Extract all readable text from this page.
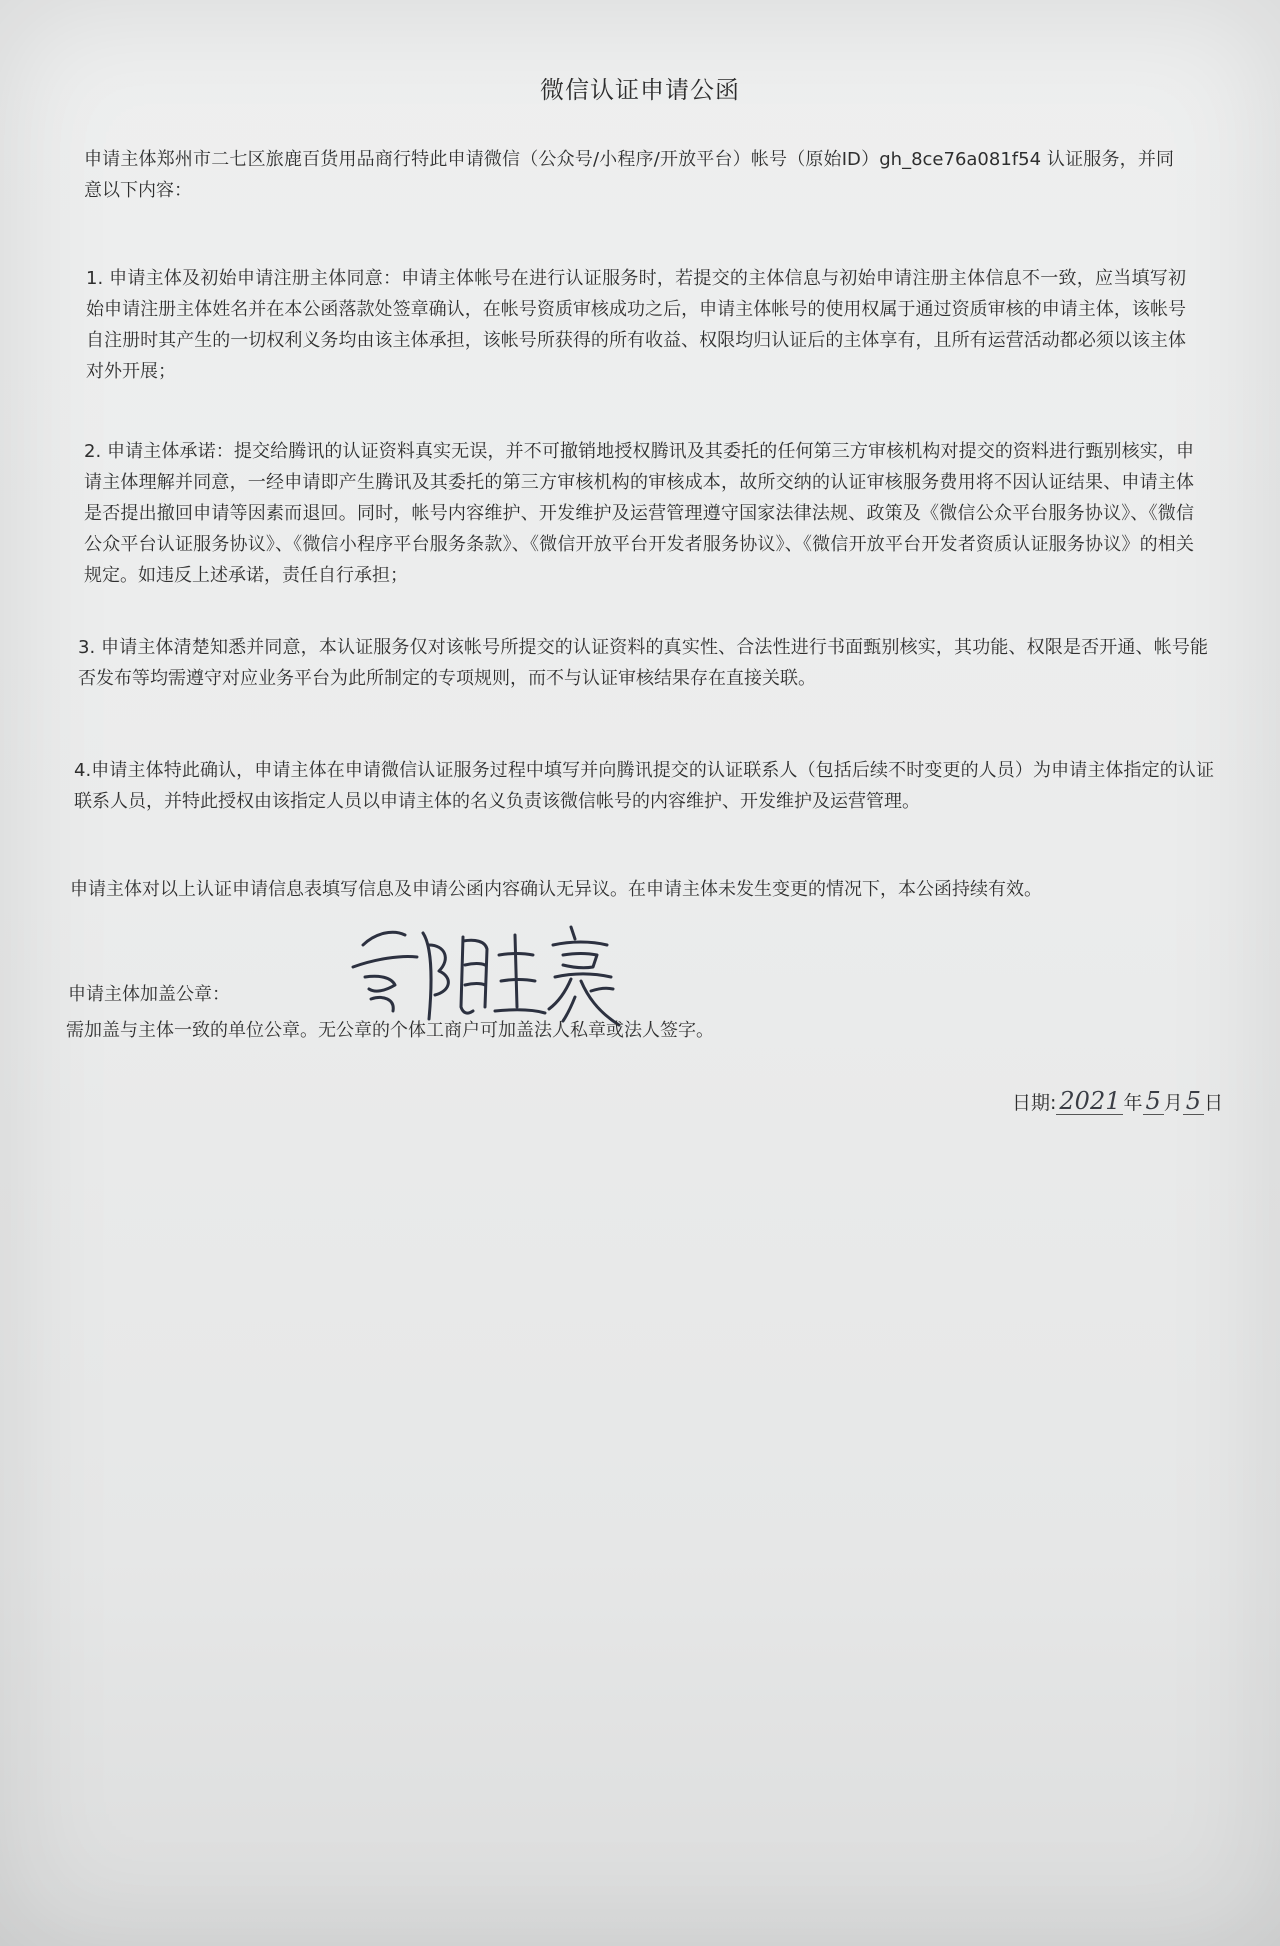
微信认证申请公函

申请主体郑州市二七区旅鹿百货用品商行特此申请微信（公众号/小程序/开放平台）帐号（原始ID）gh_8ce76a081f54 认证服务，并同意以下内容：

1. 申请主体及初始申请注册主体同意：申请主体帐号在进行认证服务时，若提交的主体信息与初始申请注册主体信息不一致，应当填写初始申请注册主体姓名并在本公函落款处签章确认，在帐号资质审核成功之后，申请主体帐号的使用权属于通过资质审核的申请主体，该帐号自注册时其产生的一切权利义务均由该主体承担，该帐号所获得的所有收益、权限均归认证后的主体享有，且所有运营活动都必须以该主体对外开展；

2. 申请主体承诺：提交给腾讯的认证资料真实无误，并不可撤销地授权腾讯及其委托的任何第三方审核机构对提交的资料进行甄别核实，申请主体理解并同意，一经申请即产生腾讯及其委托的第三方审核机构的审核成本，故所交纳的认证审核服务费用将不因认证结果、申请主体是否提出撤回申请等因素而退回。同时，帐号内容维护、开发维护及运营管理遵守国家法律法规、政策及《微信公众平台服务协议》、《微信公众平台认证服务协议》、《微信小程序平台服务条款》、《微信开放平台开发者服务协议》、《微信开放平台开发者资质认证服务协议》的相关规定。如违反上述承诺，责任自行承担；

3. 申请主体清楚知悉并同意，本认证服务仅对该帐号所提交的认证资料的真实性、合法性进行书面甄别核实，其功能、权限是否开通、帐号能否发布等均需遵守对应业务平台为此所制定的专项规则，而不与认证审核结果存在直接关联。

4.申请主体特此确认，申请主体在申请微信认证服务过程中填写并向腾讯提交的认证联系人（包括后续不时变更的人员）为申请主体指定的认证联系人员，并特此授权由该指定人员以申请主体的名义负责该微信帐号的内容维护、开发维护及运营管理。

申请主体对以上认证申请信息表填写信息及申请公函内容确认无异议。在申请主体未发生变更的情况下，本公函持续有效。

申请主体加盖公章：
需加盖与主体一致的单位公章。无公章的个体工商户可加盖法人私章或法人签字。
日期: 2021 年 5 月 5 日
